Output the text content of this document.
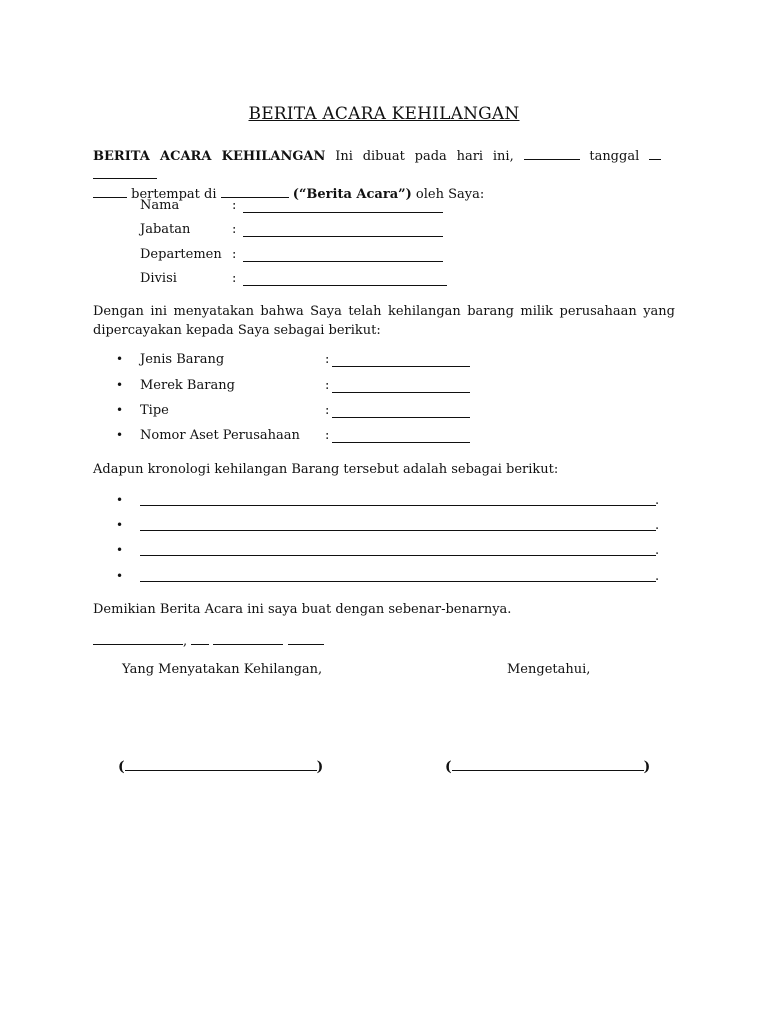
BERITA ACARA KEHILANGAN
BERITA ACARA KEHILANGAN Ini dibuat pada hari ini,	tanggal
bertempat di	(“Berita Acara”) oleh Saya:
Nama	:
Jabatan	:
Departemen :
Divisi	:
Dengan ini menyatakan bahwa Saya telah kehilangan barang milik perusahaan yang dipercayakan kepada Saya sebagai berikut:
• Jenis Barang	:
• Merek Barang	:
• Tipe	:
• Nomor Aset Perusahaan :
Adapun kronologi kehilangan Barang tersebut adalah sebagai berikut:
•	.
•	.
•	.
•	.
Demikian Berita Acara ini saya buat dengan sebenar-benarnya.
,
Yang Menyatakan Kehilangan,	Mengetahui,
(	)	(	)
